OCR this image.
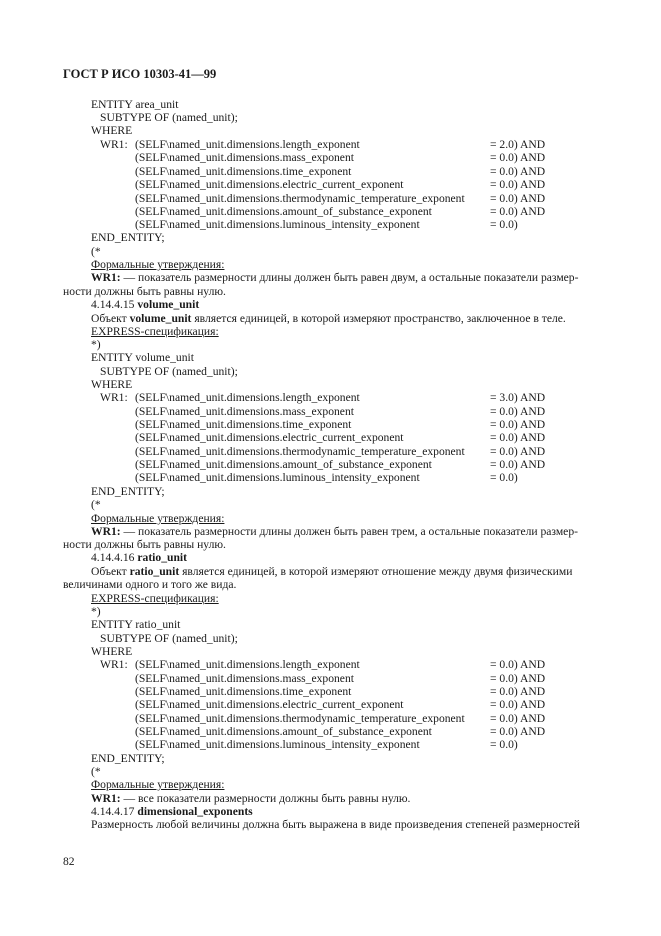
ГОСТ Р ИСО 10303-41—99
ENTITY area_unit
SUBTYPE OF (named_unit);
WHERE
WR1: (SELF\named_unit.dimensions.length_exponent	= 2.0) AND
(SELF\named_unit.dimensions.mass_exponent	= 0.0) AND
(SELF\named_unit.dimensions.time_exponent	= 0.0) AND
(SELF\named_unit.dimensions.electric_current_exponent	= 0.0) AND
(SELF\named_unit.dimensions.thermodynamic_temperature_exponent = 0.0) AND
(SELF\named_unit.dimensions.amount_of_substance_exponent	= 0.0) AND
(SELF\named_unit.dimensions.luminous_intensity_exponent	= 0.0)
END_ENTITY;
(*
Формальные утверждения:
WR1: — показатель размерности длины должен быть равен двум, а остальные показатели размер-
ности должны быть равны нулю.
4.14.4.15 volume_unit
Объект volume_unit является единицей, в которой измеряют пространство, заключенное в теле.
EXPRESS-спецификация:
*)
ENTITY volume_unit
SUBTYPE OF (named_unit);
WHERE
WR1: (SELF\named_unit.dimensions.length_exponent	= 3.0) AND
(SELF\named_unit.dimensions.mass_exponent	= 0.0) AND
(SELF\named_unit.dimensions.time_exponent	= 0.0) AND
(SELF\named_unit.dimensions.electric_current_exponent	= 0.0) AND
(SELF\named_unit.dimensions.thermodynamic_temperature_exponent = 0.0) AND
(SELF\named_unit.dimensions.amount_of_substance_exponent	= 0.0) AND
(SELF\named_unit.dimensions.luminous_intensity_exponent	= 0.0)
END_ENTITY;
(*
Формальные утверждения:
WR1: — показатель размерности длины должен быть равен трем, а остальные показатели размер-
ности должны быть равны нулю.
4.14.4.16 ratio_unit
Объект ratio_unit является единицей, в которой измеряют отношение между двумя физическими
величинами одного и того же вида.
EXPRESS-спецификация:
*)
ENTITY ratio_unit
SUBTYPE OF (named_unit);
WHERE
WR1: (SELF\named_unit.dimensions.length_exponent	= 0.0) AND
(SELF\named_unit.dimensions.mass_exponent	= 0.0) AND
(SELF\named_unit.dimensions.time_exponent	= 0.0) AND
(SELF\named_unit.dimensions.electric_current_exponent	= 0.0) AND
(SELF\named_unit.dimensions.thermodynamic_temperature_exponent = 0.0) AND
(SELF\named_unit.dimensions.amount_of_substance_exponent	= 0.0) AND
(SELF\named_unit.dimensions.luminous_intensity_exponent	= 0.0)
END_ENTITY;
(*
Формальные утверждения:
WR1: — все показатели размерности должны быть равны нулю.
4.14.4.17 dimensional_exponents
Размерность любой величины должна быть выражена в виде произведения степеней размерностей
82
